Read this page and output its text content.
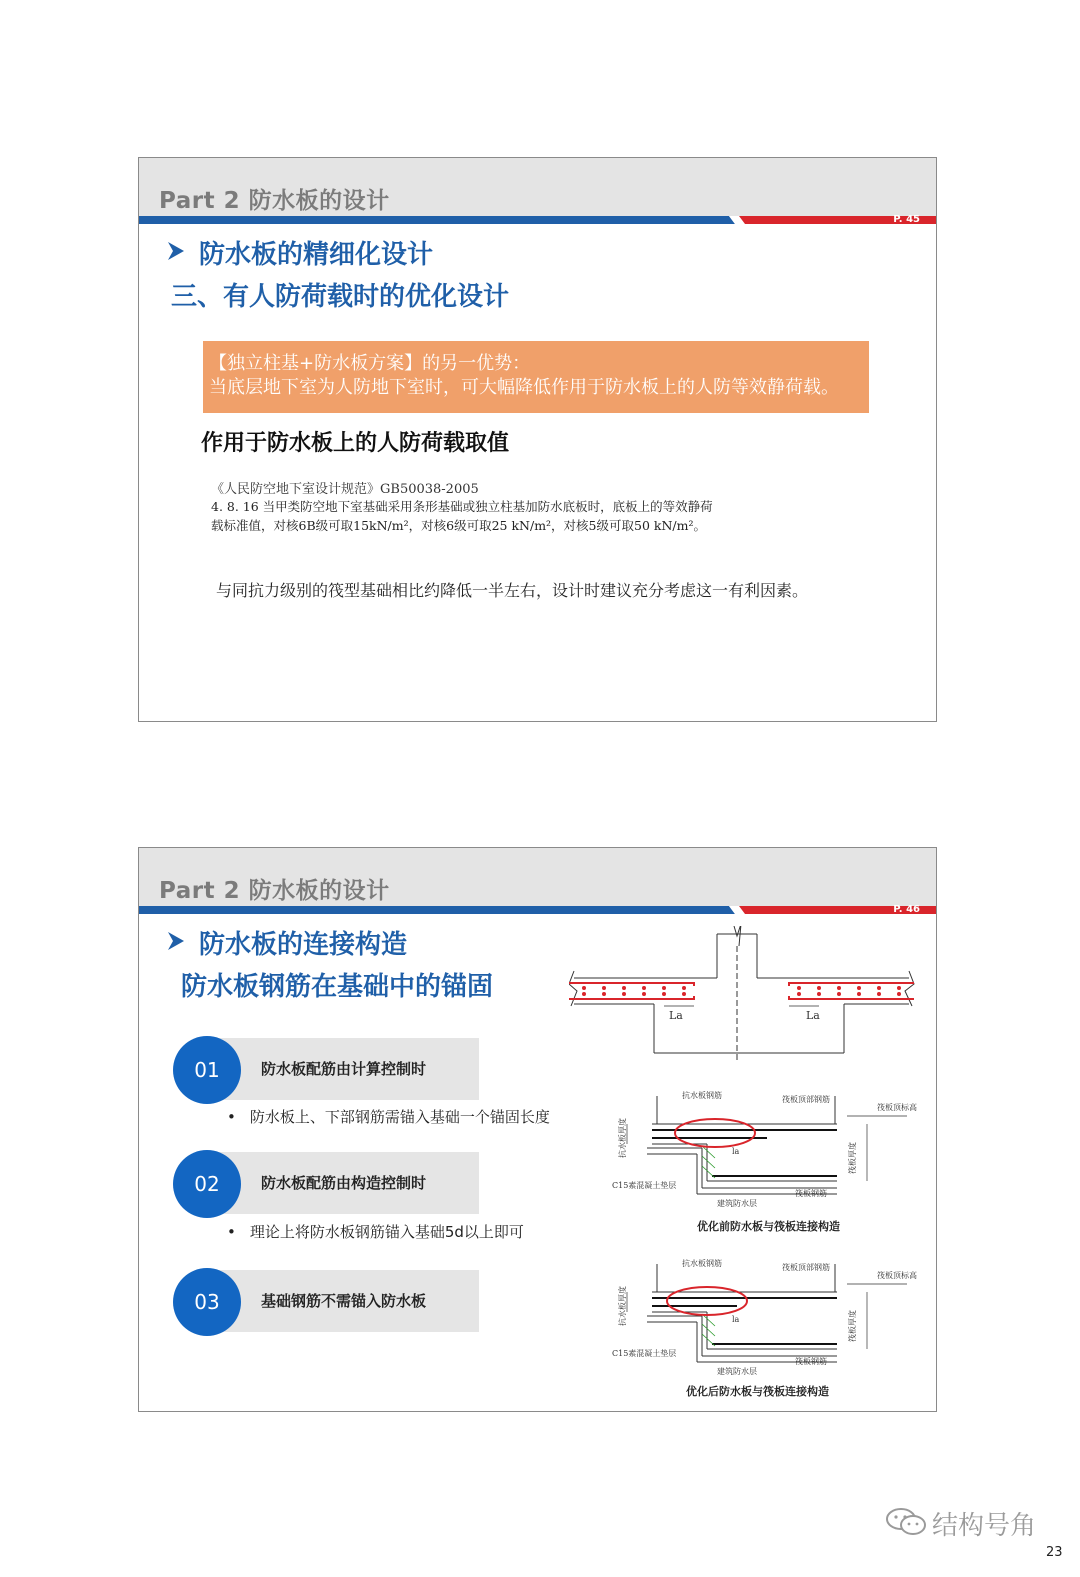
Part 2 防水板的设计
P. 45
防水板的精细化设计
三、有人防荷载时的优化设计
【独立柱基+防水板方案】的另一优势：
当底层地下室为人防地下室时，可大幅降低作用于防水板上的人防等效静荷载。
作用于防水板上的人防荷载取值
《人民防空地下室设计规范》GB50038-2005
4. 8. 16 当甲类防空地下室基础采用条形基础或独立柱基加防水底板时，底板上的等效静荷
载标准值，对核6B级可取15kN/m²，对核6级可取25 kN/m²，对核5级可取50 kN/m²。
与同抗力级别的筏型基础相比约降低一半左右，设计时建议充分考虑这一有利因素。
Part 2 防水板的设计
P. 46
防水板的连接构造
防水板钢筋在基础中的锚固
防水板配筋由计算控制时
01
• 防水板上、下部钢筋需锚入基础一个锚固长度
防水板配筋由构造控制时
02
• 理论上将防水板钢筋锚入基础5d以上即可
基础钢筋不需锚入防水板
03
La	La
抗水板钢筋	筏板顶部钢筋
筏板顶标高
la
C15素混凝土垫层
建筑防水层
筏板钢筋
抗水板厚度	筏板厚度
优化前防水板与筏板连接构造
抗水板钢筋	筏板顶部钢筋
筏板顶标高
la
C15素混凝土垫层
建筑防水层
筏板钢筋
抗水板厚度	筏板厚度
优化后防水板与筏板连接构造
结构号角
23
